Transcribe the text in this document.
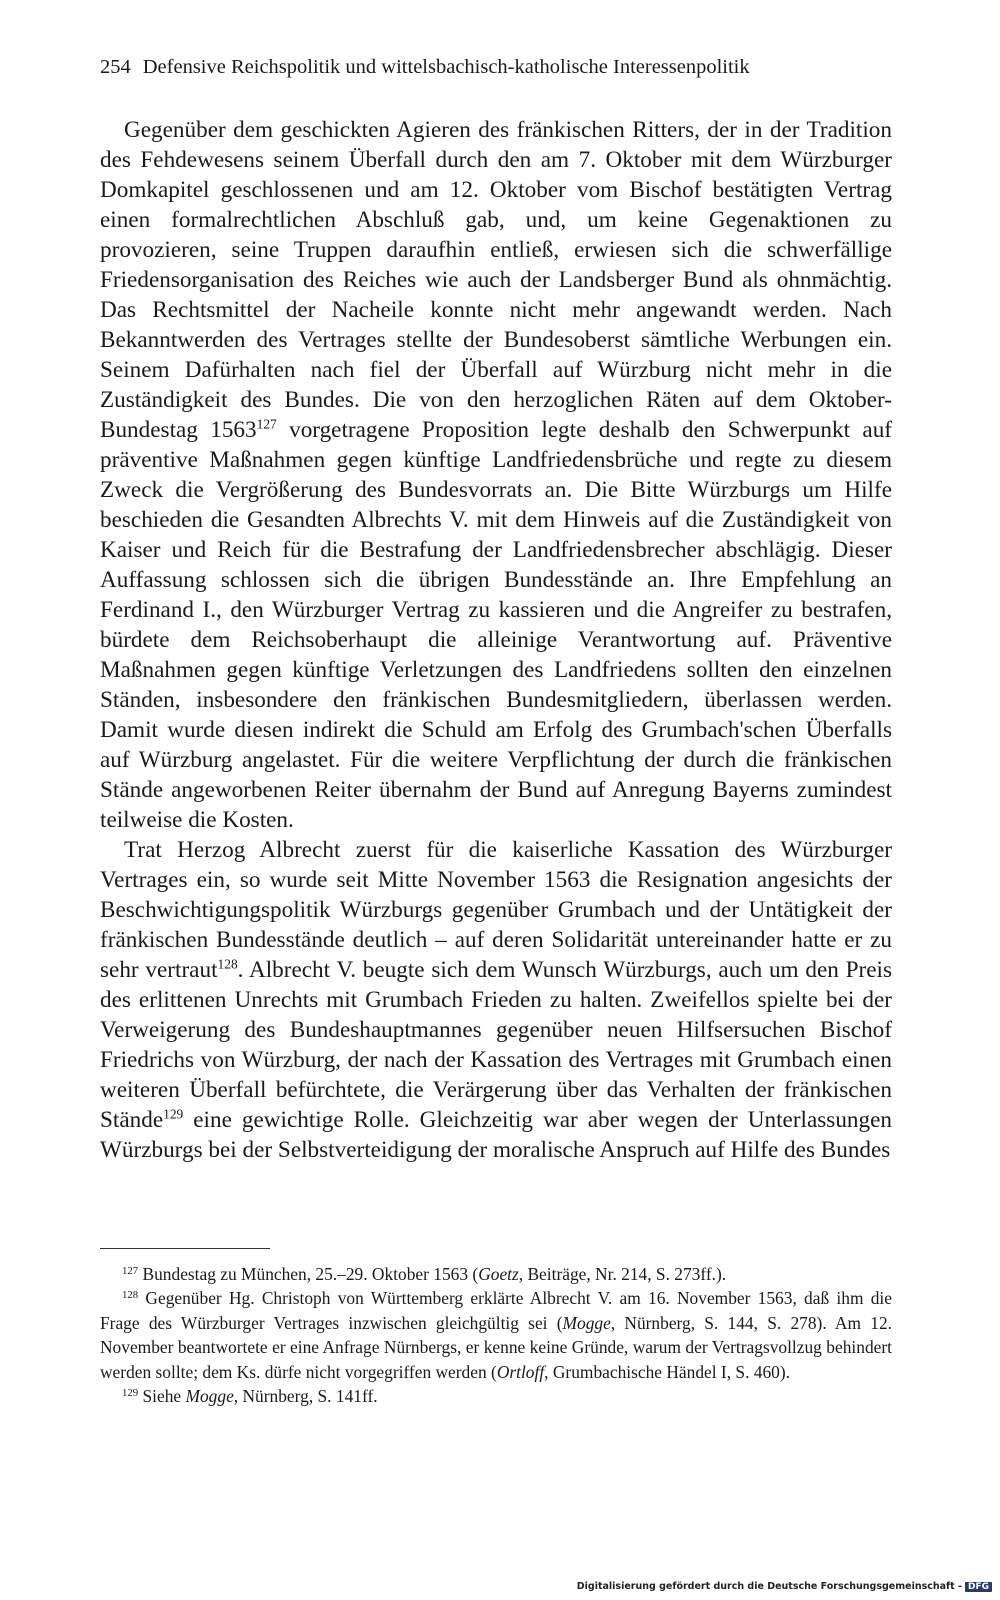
254 Defensive Reichspolitik und wittelsbachisch-katholische Interessenpolitik

Gegenüber dem geschickten Agieren des fränkischen Ritters, der in der Tradition des Fehdewesens seinem Überfall durch den am 7. Oktober mit dem Würzburger Domkapitel geschlossenen und am 12. Oktober vom Bischof bestätigten Vertrag einen formalrechtlichen Abschluß gab, und, um keine Gegenaktionen zu provozieren, seine Truppen daraufhin entließ, erwiesen sich die schwerfällige Friedensorganisation des Reiches wie auch der Landsberger Bund als ohnmächtig. Das Rechtsmittel der Nacheile konnte nicht mehr angewandt werden. Nach Bekanntwerden des Vertrages stellte der Bundesoberst sämtliche Werbungen ein. Seinem Dafürhalten nach fiel der Überfall auf Würzburg nicht mehr in die Zuständigkeit des Bundes. Die von den herzoglichen Räten auf dem Oktober-Bundestag 1563$^{127}$ vorgetragene Proposition legte deshalb den Schwerpunkt auf präventive Maßnahmen gegen künftige Landfriedensbrüche und regte zu diesem Zweck die Vergrößerung des Bundesvorrats an. Die Bitte Würzburgs um Hilfe beschieden die Gesandten Albrechts V. mit dem Hinweis auf die Zuständigkeit von Kaiser und Reich für die Bestrafung der Landfriedensbrecher abschlägig. Dieser Auffassung schlossen sich die übrigen Bundesstände an. Ihre Empfehlung an Ferdinand I., den Würzburger Vertrag zu kassieren und die Angreifer zu bestrafen, bürdete dem Reichsoberhaupt die alleinige Verantwortung auf. Präventive Maßnahmen gegen künftige Verletzungen des Landfriedens sollten den einzelnen Ständen, insbesondere den fränkischen Bundesmitgliedern, überlassen werden. Damit wurde diesen indirekt die Schuld am Erfolg des Grumbach'schen Überfalls auf Würzburg angelastet. Für die weitere Verpflichtung der durch die fränkischen Stände angeworbenen Reiter übernahm der Bund auf Anregung Bayerns zumindest teilweise die Kosten.

Trat Herzog Albrecht zuerst für die kaiserliche Kassation des Würzburger Vertrages ein, so wurde seit Mitte November 1563 die Resignation angesichts der Beschwichtigungspolitik Würzburgs gegenüber Grumbach und der Untätigkeit der fränkischen Bundesstände deutlich – auf deren Solidarität untereinander hatte er zu sehr vertraut$^{128}$. Albrecht V. beugte sich dem Wunsch Würzburgs, auch um den Preis des erlittenen Unrechts mit Grumbach Frieden zu halten. Zweifellos spielte bei der Verweigerung des Bundeshauptmannes gegenüber neuen Hilfsersuchen Bischof Friedrichs von Würzburg, der nach der Kassation des Vertrages mit Grumbach einen weiteren Überfall befürchtete, die Verärgerung über das Verhalten der fränkischen Stände$^{129}$ eine gewichtige Rolle. Gleichzeitig war aber wegen der Unterlassungen Würzburgs bei der Selbstverteidigung der moralische Anspruch auf Hilfe des Bundes

$^{127}$ Bundestag zu München, 25.–29. Oktober 1563 (Goetz, Beiträge, Nr. 214, S. 273ff.).

$^{128}$ Gegenüber Hg. Christoph von Württemberg erklärte Albrecht V. am 16. November 1563, daß ihm die Frage des Würzburger Vertrages inzwischen gleichgültig sei (Mogge, Nürnberg, S. 144, S. 278). Am 12. November beantwortete er eine Anfrage Nürnbergs, er kenne keine Gründe, warum der Vertragsvollzug behindert werden sollte; dem Ks. dürfe nicht vorgegriffen werden (Ortloff, Grumbachische Händel I, S. 460).

$^{129}$ Siehe Mogge, Nürnberg, S. 141ff.

Digitalisierung gefördert durch die Deutsche Forschungsgemeinschaft - DFG
